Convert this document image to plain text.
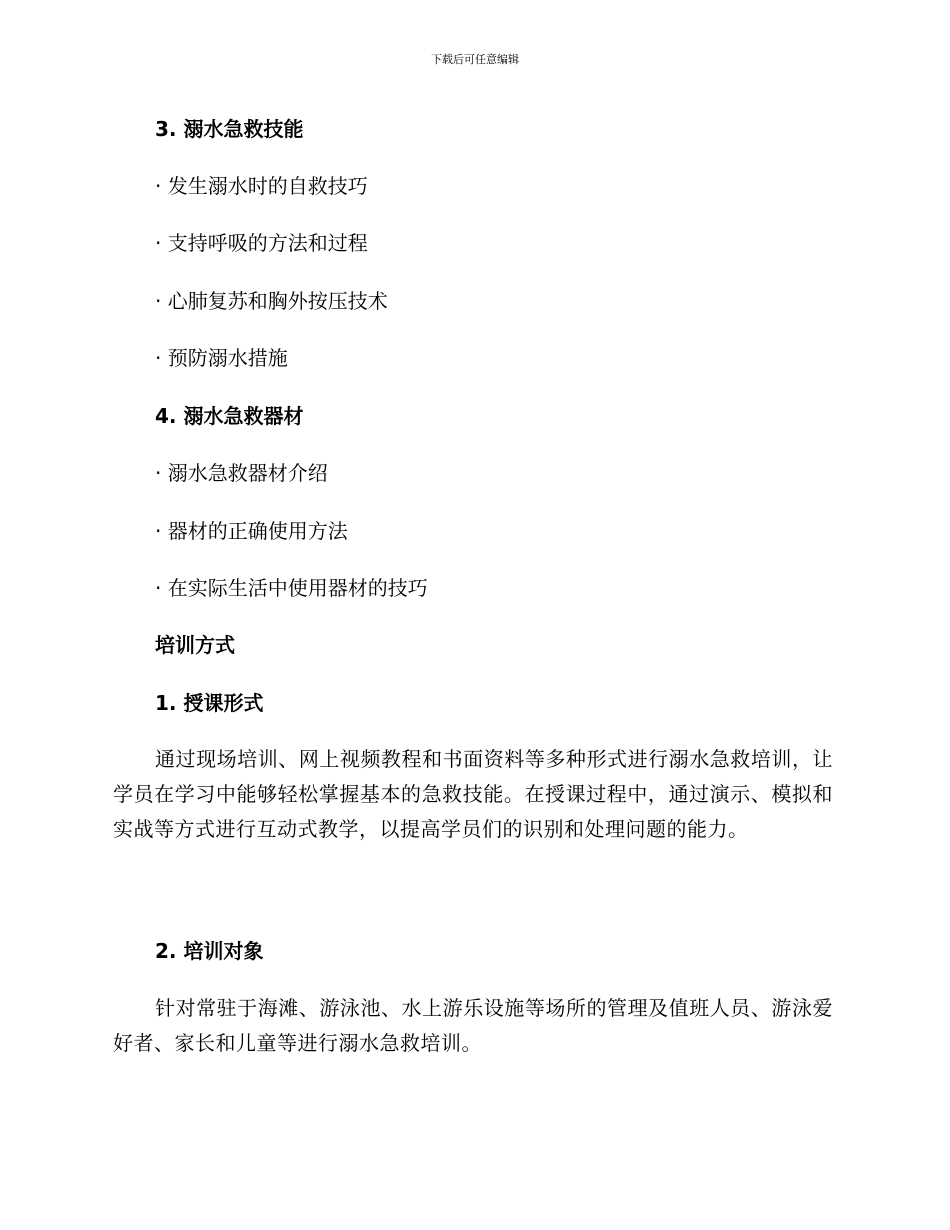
下载后可任意编辑
3. 溺水急救技能
· 发生溺水时的自救技巧
· 支持呼吸的方法和过程
· 心肺复苏和胸外按压技术
· 预防溺水措施
4. 溺水急救器材
· 溺水急救器材介绍
· 器材的正确使用方法
· 在实际生活中使用器材的技巧
培训方式
1. 授课形式
通过现场培训、网上视频教程和书面资料等多种形式进行溺水急救培训，让学员在学习中能够轻松掌握基本的急救技能。在授课过程中，通过演示、模拟和实战等方式进行互动式教学，以提高学员们的识别和处理问题的能力。
2. 培训对象
针对常驻于海滩、游泳池、水上游乐设施等场所的管理及值班人员、游泳爱好者、家长和儿童等进行溺水急救培训。
